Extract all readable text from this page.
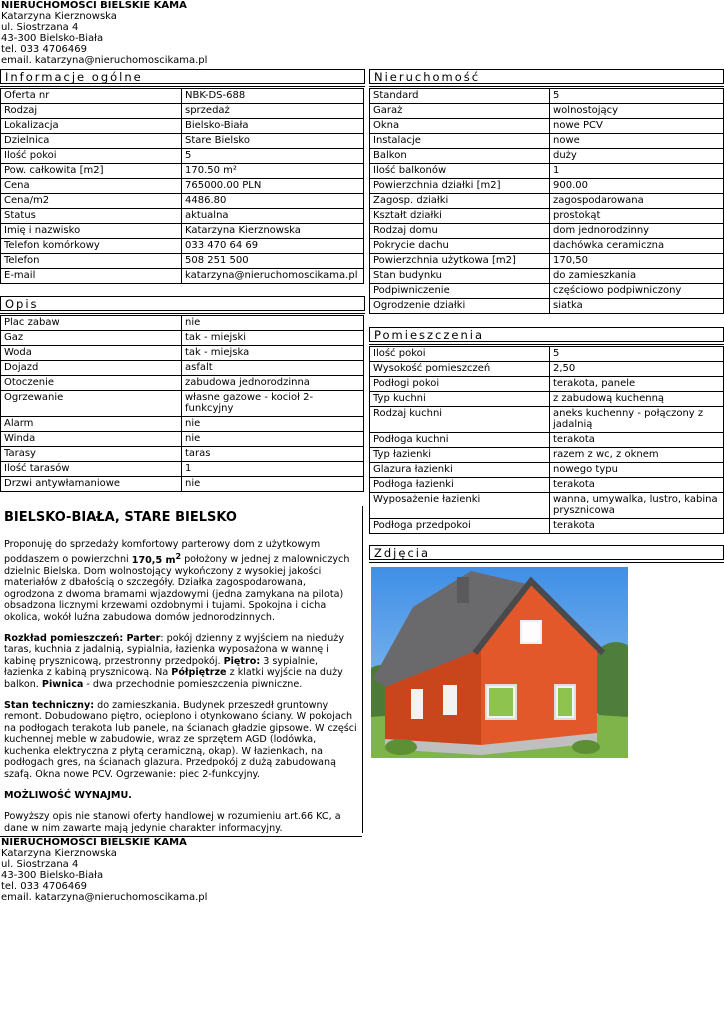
NIERUCHOMOŚCI BIELSKIE KAMA
Katarzyna Kierznowska
ul. Siostrzana 4
43-300 Bielsko-Biała
tel. 033 4706469
email. katarzyna@nieruchomoscikama.pl
Informacje ogólne
Oferta nr	NBK-DS-688
Rodzaj	sprzedaż
Lokalizacja	Bielsko-Biała
Dzielnica	Stare Bielsko
Ilość pokoi	5
Pow. całkowita [m2]	170.50 m²
Cena	765000.00 PLN
Cena/m2	4486.80
Status	aktualna
Imię i nazwisko	Katarzyna Kierznowska
Telefon komórkowy	033 470 64 69
Telefon	508 251 500
E-mail	katarzyna@nieruchomoscikama.pl
Opis
Plac zabaw	nie
Gaz	tak - miejski
Woda	tak - miejska
Dojazd	asfalt
Otoczenie	zabudowa jednorodzinna
Ogrzewanie	własne gazowe - kocioł 2-funkcyjny
Alarm	nie
Winda	nie
Tarasy	taras
Ilość tarasów	1
Drzwi antywłamaniowe	nie
BIELSKO-BIAŁA, STARE BIELSKO

Proponuję do sprzedaży komfortowy parterowy dom z użytkowym poddaszem o powierzchni 170,5 $m^2$ położony w jednej z malowniczych dzielnic Bielska. Dom wolnostojący wykończony z wysokiej jakości materiałów z dbałością o szczegóły. Działka zagospodarowana, ogrodzona z dwoma bramami wjazdowymi (jedna zamykana na pilota) obsadzona licznymi krzewami ozdobnymi i tujami. Spokojna i cicha okolica, wokół luźna zabudowa domów jednorodzinnych.

Rozkład pomieszczeń: Parter: pokój dzienny z wyjściem na nieduży taras, kuchnia z jadalnią, sypialnia, łazienka wyposażona w wannę i kabinę prysznicową, przestronny przedpokój. Piętro: 3 sypialnie, łazienka z kabiną prysznicową. Na Półpiętrze z klatki wyjście na duży balkon. Piwnica - dwa przechodnie pomieszczenia piwniczne.

Stan techniczny: do zamieszkania. Budynek przeszedł gruntowny remont. Dobudowano piętro, ocieplono i otynkowano ściany. W pokojach na podłogach terakota lub panele, na ścianach gładzie gipsowe. W części kuchennej meble w zabudowie, wraz ze sprzętem AGD (lodówka, kuchenka elektryczna z płytą ceramiczną, okap). W łazienkach, na podłogach gres, na ścianach glazura. Przedpokój z dużą zabudowaną szafą. Okna nowe PCV. Ogrzewanie: piec 2-funkcyjny.

MOŻLIWOŚĆ WYNAJMU.

Powyższy opis nie stanowi oferty handlowej w rozumieniu art.66 KC, a dane w nim zawarte mają jedynie charakter informacyjny.

Nieruchomość
Standard	5
Garaż	wolnostojący
Okna	nowe PCV
Instalacje	nowe
Balkon	duży
Ilość balkonów	1
Powierzchnia działki [m2]	900.00
Zagosp. działki	zagospodarowana
Kształt działki	prostokąt
Rodzaj domu	dom jednorodzinny
Pokrycie dachu	dachówka ceramiczna
Powierzchnia użytkowa [m2]	170,50
Stan budynku	do zamieszkania
Podpiwniczenie	częściowo podpiwniczony
Ogrodzenie działki	siatka
Pomieszczenia
Ilość pokoi	5
Wysokość pomieszczeń	2,50
Podłogi pokoi	terakota, panele
Typ kuchni	z zabudową kuchenną
Rodzaj kuchni	aneks kuchenny - połączony z jadalnią
Podłoga kuchni	terakota
Typ łazienki	razem z wc, z oknem
Glazura łazienki	nowego typu
Podłoga łazienki	terakota
Wyposażenie łazienki	wanna, umywalka, lustro, kabina prysznicowa
Podłoga przedpokoi	terakota
Zdjęcia
NIERUCHOMOŚCI BIELSKIE KAMA
Katarzyna Kierznowska
ul. Siostrzana 4
43-300 Bielsko-Biała
tel. 033 4706469
email. katarzyna@nieruchomoscikama.pl
